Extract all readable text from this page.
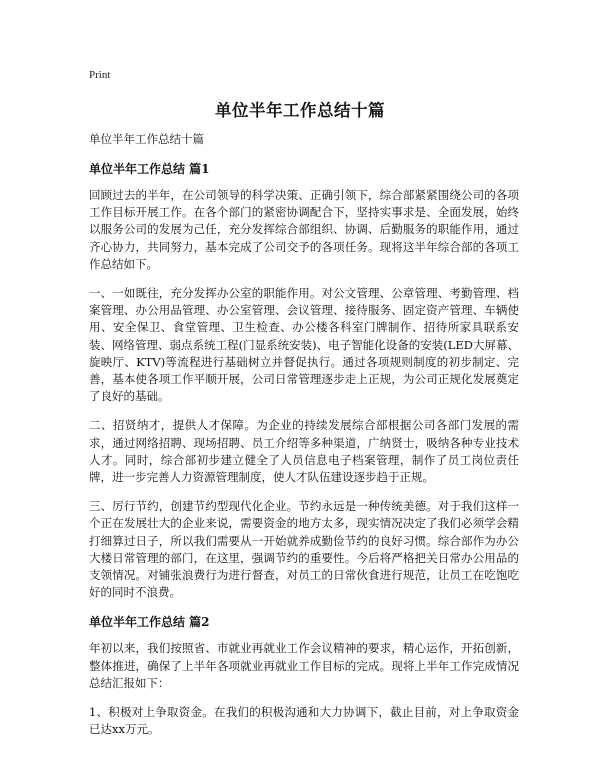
Print
单位半年工作总结十篇

单位半年工作总结十篇

单位半年工作总结 篇1

回顾过去的半年，在公司领导的科学决策、正确引领下，综合部紧紧围绕公司的各项工作目标开展工作。在各个部门的紧密协调配合下，坚持实事求是、全面发展，始终以服务公司的发展为己任，充分发挥综合部组织、协调、后勤服务的职能作用，通过齐心协力，共同努力，基本完成了公司交予的各项任务。现将这半年综合部的各项工作总结如下。

一、一如既往，充分发挥办公室的职能作用。对公文管理、公章管理、考勤管理、档案管理、办公用品管理、办公室管理、会议管理、接待服务、固定资产管理、车辆使用、安全保卫、食堂管理、卫生检查、办公楼各科室门牌制作、招待所家具联系安装、网络管理、弱点系统工程(门显系统安装)、电子智能化设备的安装(LED大屏幕、旋映厅、KTV)等流程进行基础树立并督促执行。通过各项规则制度的初步制定、完善，基本使各项工作平顺开展，公司日常管理逐步走上正规，为公司正规化发展奠定了良好的基础。

二、招贤纳才，提供人才保障。为企业的持续发展综合部根据公司各部门发展的需求，通过网络招聘、现场招聘、员工介绍等多种渠道，广纳贤士，吸纳各种专业技术人才。同时，综合部初步建立健全了人员信息电子档案管理，制作了员工岗位责任牌，进一步完善人力资源管理制度，使人才队伍建设逐步趋于正规。

三、厉行节约，创建节约型现代化企业。节约永远是一种传统美德。对于我们这样一个正在发展壮大的企业来说，需要资金的地方太多，现实情况决定了我们必须学会精打细算过日子，所以我们需要从一开始就养成勤俭节约的良好习惯。综合部作为办公大楼日常管理的部门，在这里，强调节约的重要性。今后将严格把关日常办公用品的支领情况。对铺张浪费行为进行督查，对员工的日常伙食进行规范，让员工在吃饱吃好的同时不浪费。

单位半年工作总结 篇2

年初以来，我们按照省、市就业再就业工作会议精神的要求，精心运作，开拓创新，整体推进，确保了上半年各项就业再就业工作目标的完成。现将上半年工作完成情况总结汇报如下：

1、积极对上争取资金。在我们的积极沟通和大力协调下，截止目前，对上争取资金已达xx万元。
